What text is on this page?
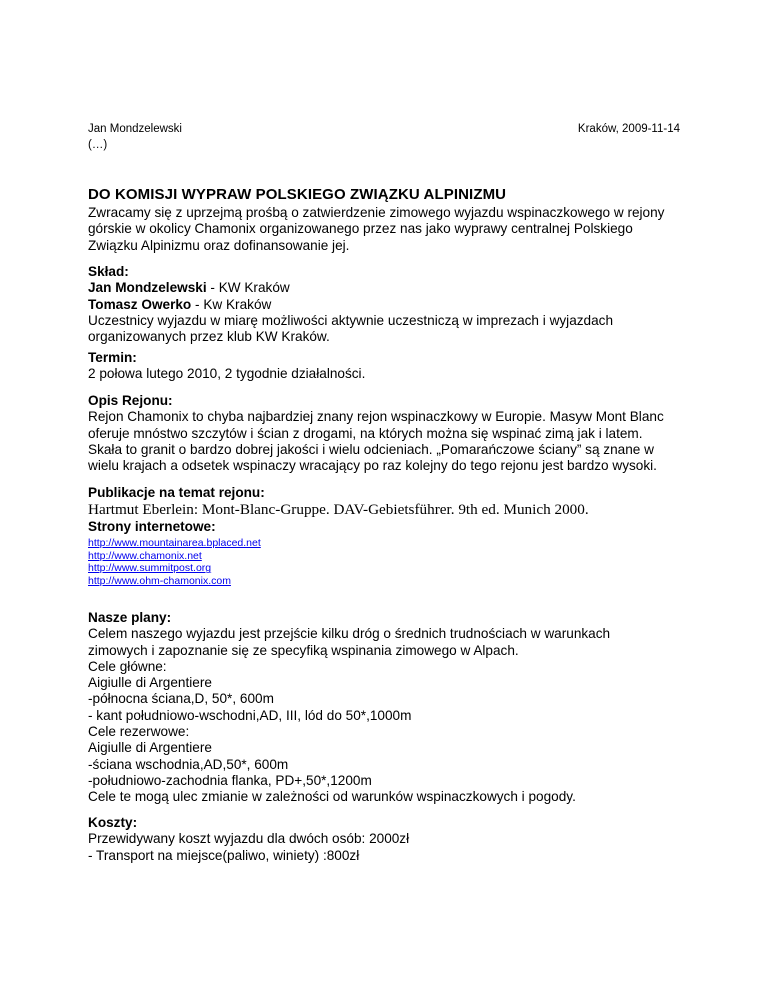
Jan Mondzelewski
(…)
Kraków, 2009-11-14
DO KOMISJI WYPRAW POLSKIEGO ZWIĄZKU ALPINIZMU
Zwracamy się z uprzejmą prośbą o zatwierdzenie zimowego wyjazdu wspinaczkowego w rejony
górskie w okolicy Chamonix organizowanego przez nas jako wyprawy centralnej Polskiego
Związku Alpinizmu oraz dofinansowanie jej.
Skład:
Jan Mondzelewski - KW Kraków
Tomasz Owerko - Kw Kraków
Uczestnicy wyjazdu w miarę możliwości aktywnie uczestniczą w imprezach i wyjazdach
organizowanych przez klub KW Kraków.
Termin:
2 połowa lutego 2010, 2 tygodnie działalności.
Opis Rejonu:
Rejon Chamonix to chyba najbardziej znany rejon wspinaczkowy w Europie. Masyw Mont Blanc
oferuje mnóstwo szczytów i ścian z drogami, na których można się wspinać zimą jak i latem.
Skała to granit o bardzo dobrej jakości i wielu odcieniach. „Pomarańczowe ściany” są znane w
wielu krajach a odsetek wspinaczy wracający po raz kolejny do tego rejonu jest bardzo wysoki.
Publikacje na temat rejonu:
Hartmut Eberlein: Mont-Blanc-Gruppe. DAV-Gebietsführer. 9th ed. Munich 2000.
Strony internetowe:
http://www.mountainarea.bplaced.net
http://www.chamonix.net
http://www.summitpost.org
http://www.ohm-chamonix.com
Nasze plany:
Celem naszego wyjazdu jest przejście kilku dróg o średnich trudnościach w warunkach
zimowych i zapoznanie się ze specyfiką wspinania zimowego w Alpach.
Cele główne:
Aigiulle di Argentiere
-północna ściana,D, 50*, 600m
- kant południowo-wschodni,AD, III, lód do 50*,1000m
Cele rezerwowe:
Aigiulle di Argentiere
-ściana wschodnia,AD,50*, 600m
-południowo-zachodnia flanka, PD+,50*,1200m
Cele te mogą ulec zmianie w zależności od warunków wspinaczkowych i pogody.
Koszty:
Przewidywany koszt wyjazdu dla dwóch osób: 2000zł
- Transport na miejsce(paliwo, winiety) :800zł
